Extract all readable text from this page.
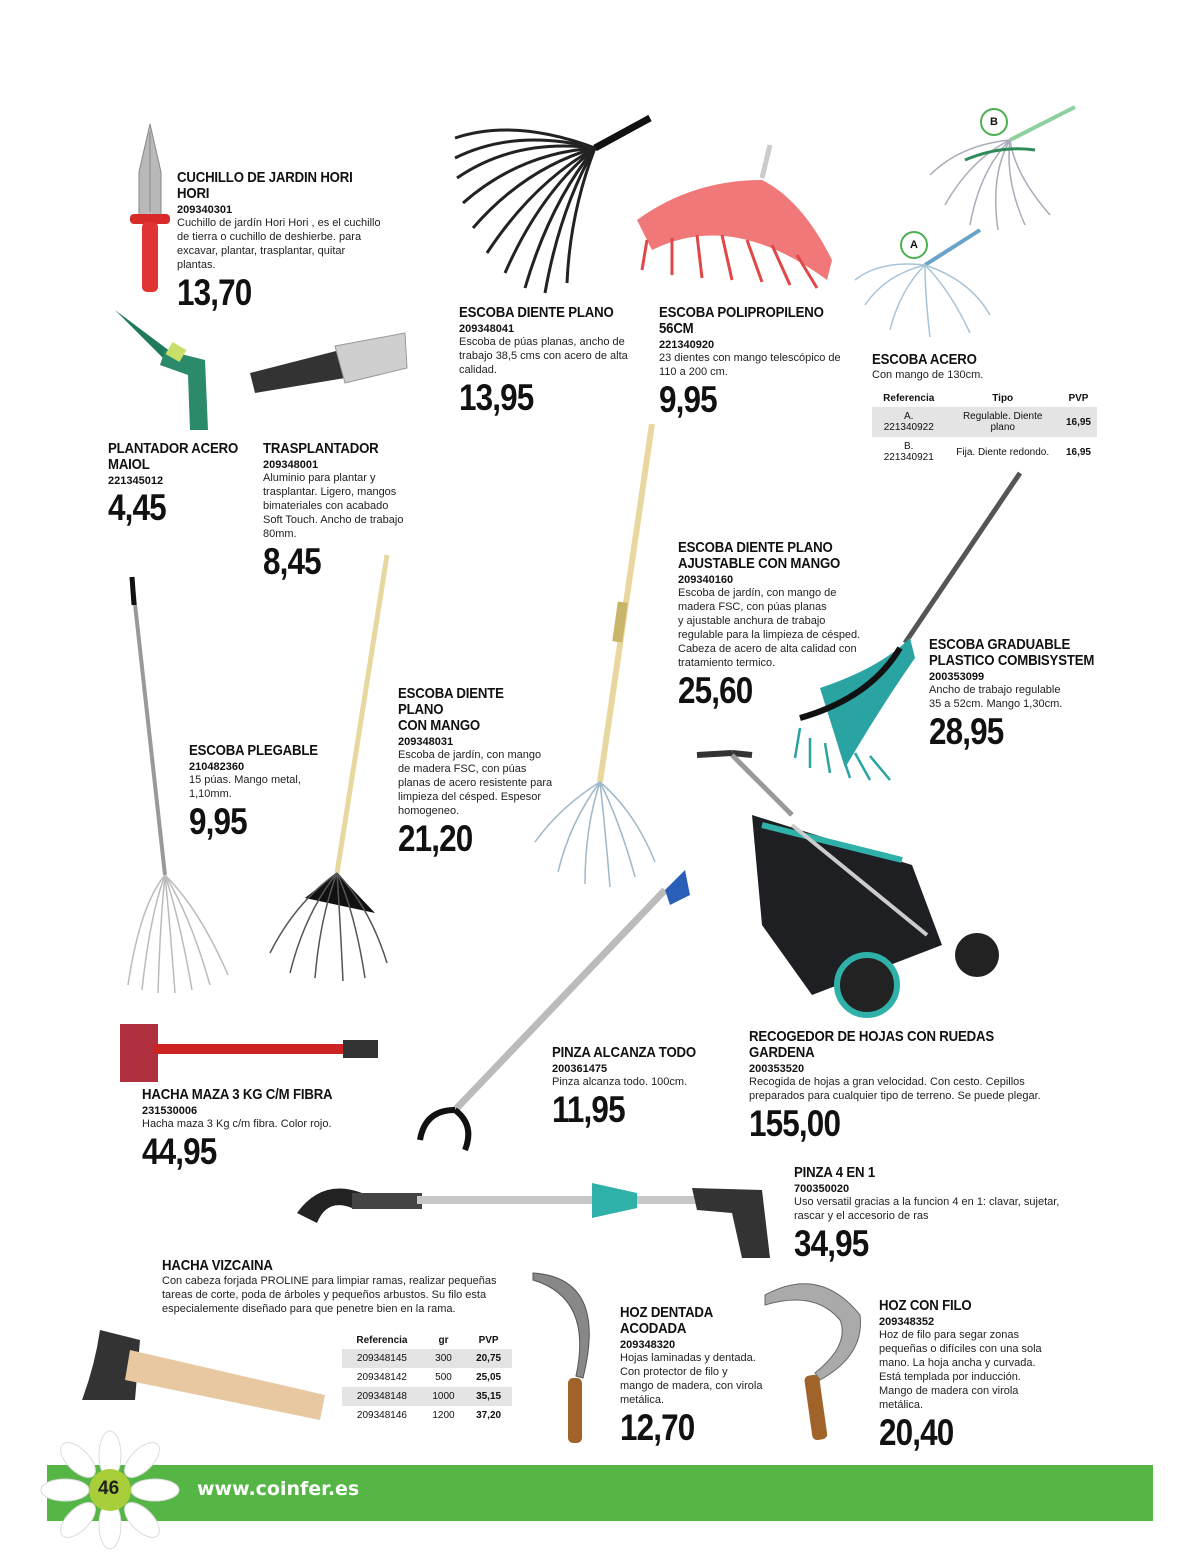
B
A
CUCHILLO DE JARDIN HORI HORI
209340301
Cuchillo de jardín Hori Hori , es el cuchillo
de tierra o cuchillo de deshierbe. para
excavar, plantar, trasplantar, quitar
plantas.
13,70	ESCOBA DIENTE PLANO
209348041
Escoba de púas planas, ancho de
trabajo 38,5 cms con acero de alta
calidad.
13,95
ESCOBA POLIPROPILENO
56CM
221340920
23 dientes con mango telescópico de
110 a 200 cm.
9,95
ESCOBA ACERO
Con mango de 130cm.
Referencia	Tipo	PVP
A. 221340922	Regulable. Diente plano	16,95
B. 221340921	Fija. Diente redondo.	16,95
PLANTADOR ACERO
MAIOL
221345012
4,45
TRASPLANTADOR
209348001
Aluminio para plantar y
trasplantar. Ligero, mangos
bimateriales con acabado
Soft Touch. Ancho de trabajo
80mm.
8,45	ESCOBA DIENTE PLANO
AJUSTABLE CON MANGO
209340160
Escoba de jardín, con mango de
madera FSC, con púas planas
y ajustable anchura de trabajo
regulable para la limpieza de césped.
Cabeza de acero de alta calidad con
tratamiento termico.
25,60
ESCOBA GRADUABLE
PLASTICO COMBISYSTEM
200353099
Ancho de trabajo regulable
35 a 52cm. Mango 1,30cm.
28,95
ESCOBA PLEGABLE
210482360
15 púas. Mango metal,
1,10mm.
9,95
ESCOBA DIENTE PLANO
CON MANGO
209348031
Escoba de jardín, con mango
de madera FSC, con púas
planas de acero resistente para
limpieza del césped. Espesor
homogeneo.
21,20
RECOGEDOR DE HOJAS CON RUEDAS
GARDENA
200353520
Recogida de hojas a gran velocidad. Con cesto. Cepillos
preparados para cualquier tipo de terreno. Se puede plegar.
155,00
HACHA MAZA 3 KG C/M FIBRA
231530006
Hacha maza 3 Kg c/m fibra. Color rojo.
44,95
PINZA ALCANZA TODO
200361475
Pinza alcanza todo. 100cm.
11,95
PINZA 4 EN 1
700350020
Uso versatil gracias a la funcion 4 en 1: clavar, sujetar,
rascar y el accesorio de ras
34,95
HACHA VIZCAINA
Con cabeza forjada PROLINE para limpiar ramas, realizar pequeñas
tareas de corte, poda de árboles y pequeños arbustos. Su filo esta
especialemente diseñado para que penetre bien en la rama.
Referencia	gr	PVP
209348145	300	20,75
209348142	500	25,05
209348148	1000	35,15
209348146	1200	37,20
HOZ DENTADA
ACODADA
209348320
Hojas laminadas y dentada.
Con protector de filo y
mango de madera, con virola
metálica.
12,70
HOZ CON FILO
209348352
Hoz de filo para segar zonas
pequeñas o difíciles con una sola
mano. La hoja ancha y curvada.
Está templada por inducción.
Mango de madera con virola
metálica.
20,40
www.coinfer.es
46
